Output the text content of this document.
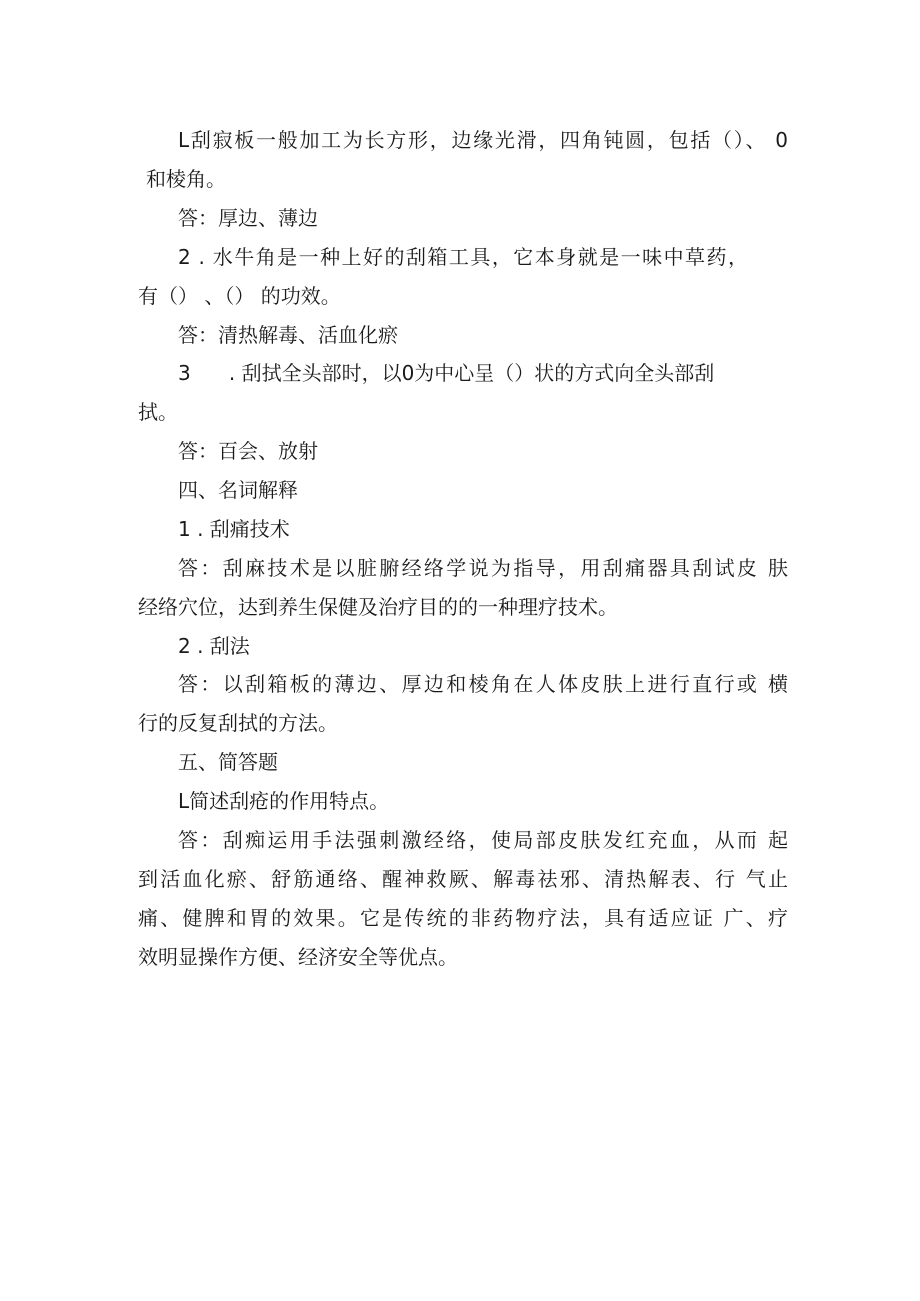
L刮寂板一般加工为长方形，边缘光滑，四角钝圆，包括（）、 0
和棱角。
答：厚边、薄边
2 . 水牛角是一种上好的刮箱工具，它本身就是一味中草药，
有（） 、（） 的功效。
答：清热解毒、活血化瘀
3      . 刮拭全头部时，以0为中心呈（）状的方式向全头部刮
拭。
答：百会、放射
四、名词解释
1 . 刮痛技术
答：刮麻技术是以脏腑经络学说为指导，用刮痛器具刮试皮 肤
经络穴位，达到养生保健及治疗目的的一种理疗技术。
2 . 刮法
答：以刮箱板的薄边、厚边和棱角在人体皮肤上进行直行或 横
行的反复刮拭的方法。
五、简答题
L简述刮疮的作用特点。
答：刮痴运用手法强刺激经络，使局部皮肤发红充血，从而 起
到活血化瘀、舒筋通络、醒神救厥、解毒祛邪、清热解表、行 气止
痛、健脾和胃的效果。它是传统的非药物疗法，具有适应证 广、疗
效明显操作方便、经济安全等优点。
